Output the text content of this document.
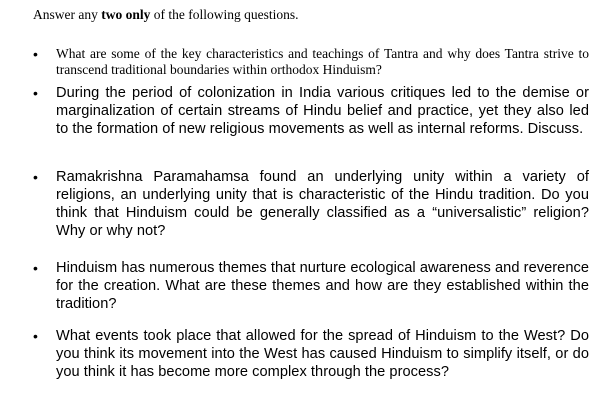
Answer any two only of the following questions.
•	What are some of the key characteristics and teachings of Tantra and why does Tantra strive to transcend traditional boundaries within orthodox Hinduism?
•	During the period of colonization in India various critiques led to the demise or marginalization of certain streams of Hindu belief and practice, yet they also led to the formation of new religious movements as well as internal reforms. Discuss.
•	Ramakrishna Paramahamsa found an underlying unity within a variety of religions, an underlying unity that is characteristic of the Hindu tradition. Do you think that Hinduism could be generally classified as a “universalistic” religion? Why or why not?
•	Hinduism has numerous themes that nurture ecological awareness and reverence for the creation. What are these themes and how are they established within the tradition?
•	What events took place that allowed for the spread of Hinduism to the West? Do you think its movement into the West has caused Hinduism to simplify itself, or do you think it has become more complex through the process?
